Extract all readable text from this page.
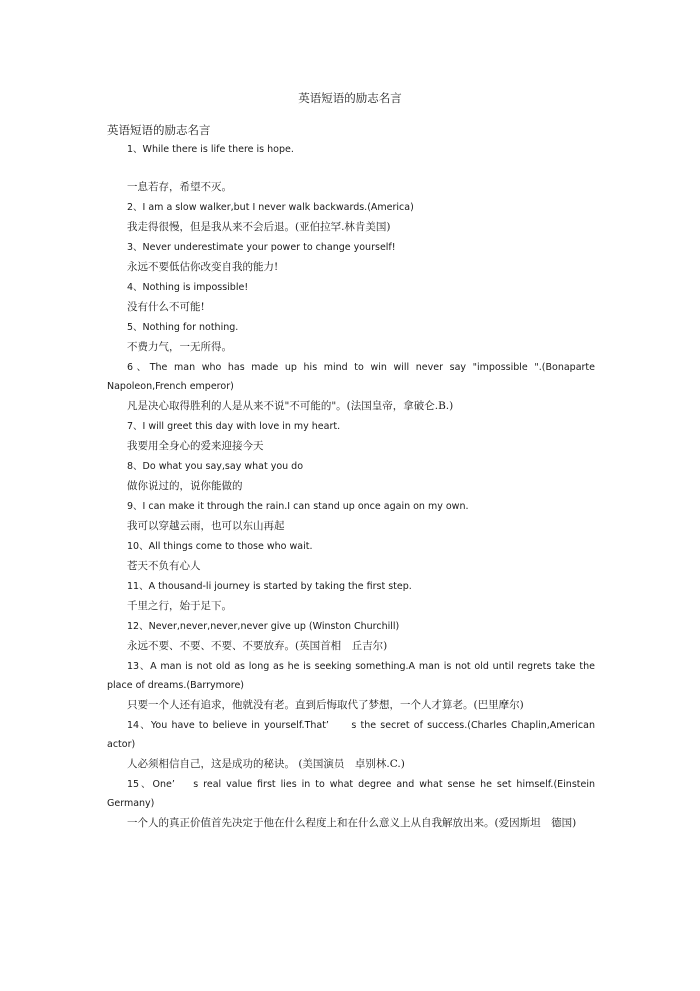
英语短语的励志名言
英语短语的励志名言
1、While there is life there is hope.
一息若存，希望不灭。
2、I am a slow walker,but I never walk backwards.(America)
我走得很慢，但是我从来不会后退。(亚伯拉罕.林肯美国)
3、Never underestimate your power to change yourself!
永远不要低估你改变自我的能力!
4、Nothing is impossible!
没有什么不可能!
5、Nothing for nothing.
不费力气，一无所得。
6、The man who has made up his mind to win will never say "impossible ".(Bonaparte Napoleon,French emperor)
凡是决心取得胜利的人是从来不说"不可能的"。(法国皇帝，拿破仑.B.)
7、I will greet this day with love in my heart.
我要用全身心的爱来迎接今天
8、Do what you say,say what you do
做你说过的，说你能做的
9、I can make it through the rain.I can stand up once again on my own.
我可以穿越云雨，也可以东山再起
10、All things come to those who wait.
苍天不负有心人
11、A thousand-li journey is started by taking the first step.
千里之行，始于足下。
12、Never,never,never,never give up (Winston Churchill)
永远不要、不要、不要、不要放弃。(英国首相　丘吉尔)
13、A man is not old as long as he is seeking something.A man is not old until regrets take the place of dreams.(Barrymore)
只要一个人还有追求，他就没有老。直到后悔取代了梦想，一个人才算老。(巴里摩尔)
14、You have to believe in yourself.That’　　s the secret of success.(Charles Chaplin,American actor)
人必须相信自己，这是成功的秘诀。 (美国演员　卓别林.C.)
15、One’　 s real value first lies in to what degree and what sense he set himself.(Einstein Germany)
一个人的真正价值首先决定于他在什么程度上和在什么意义上从自我解放出来。(爱因斯坦　德国)
